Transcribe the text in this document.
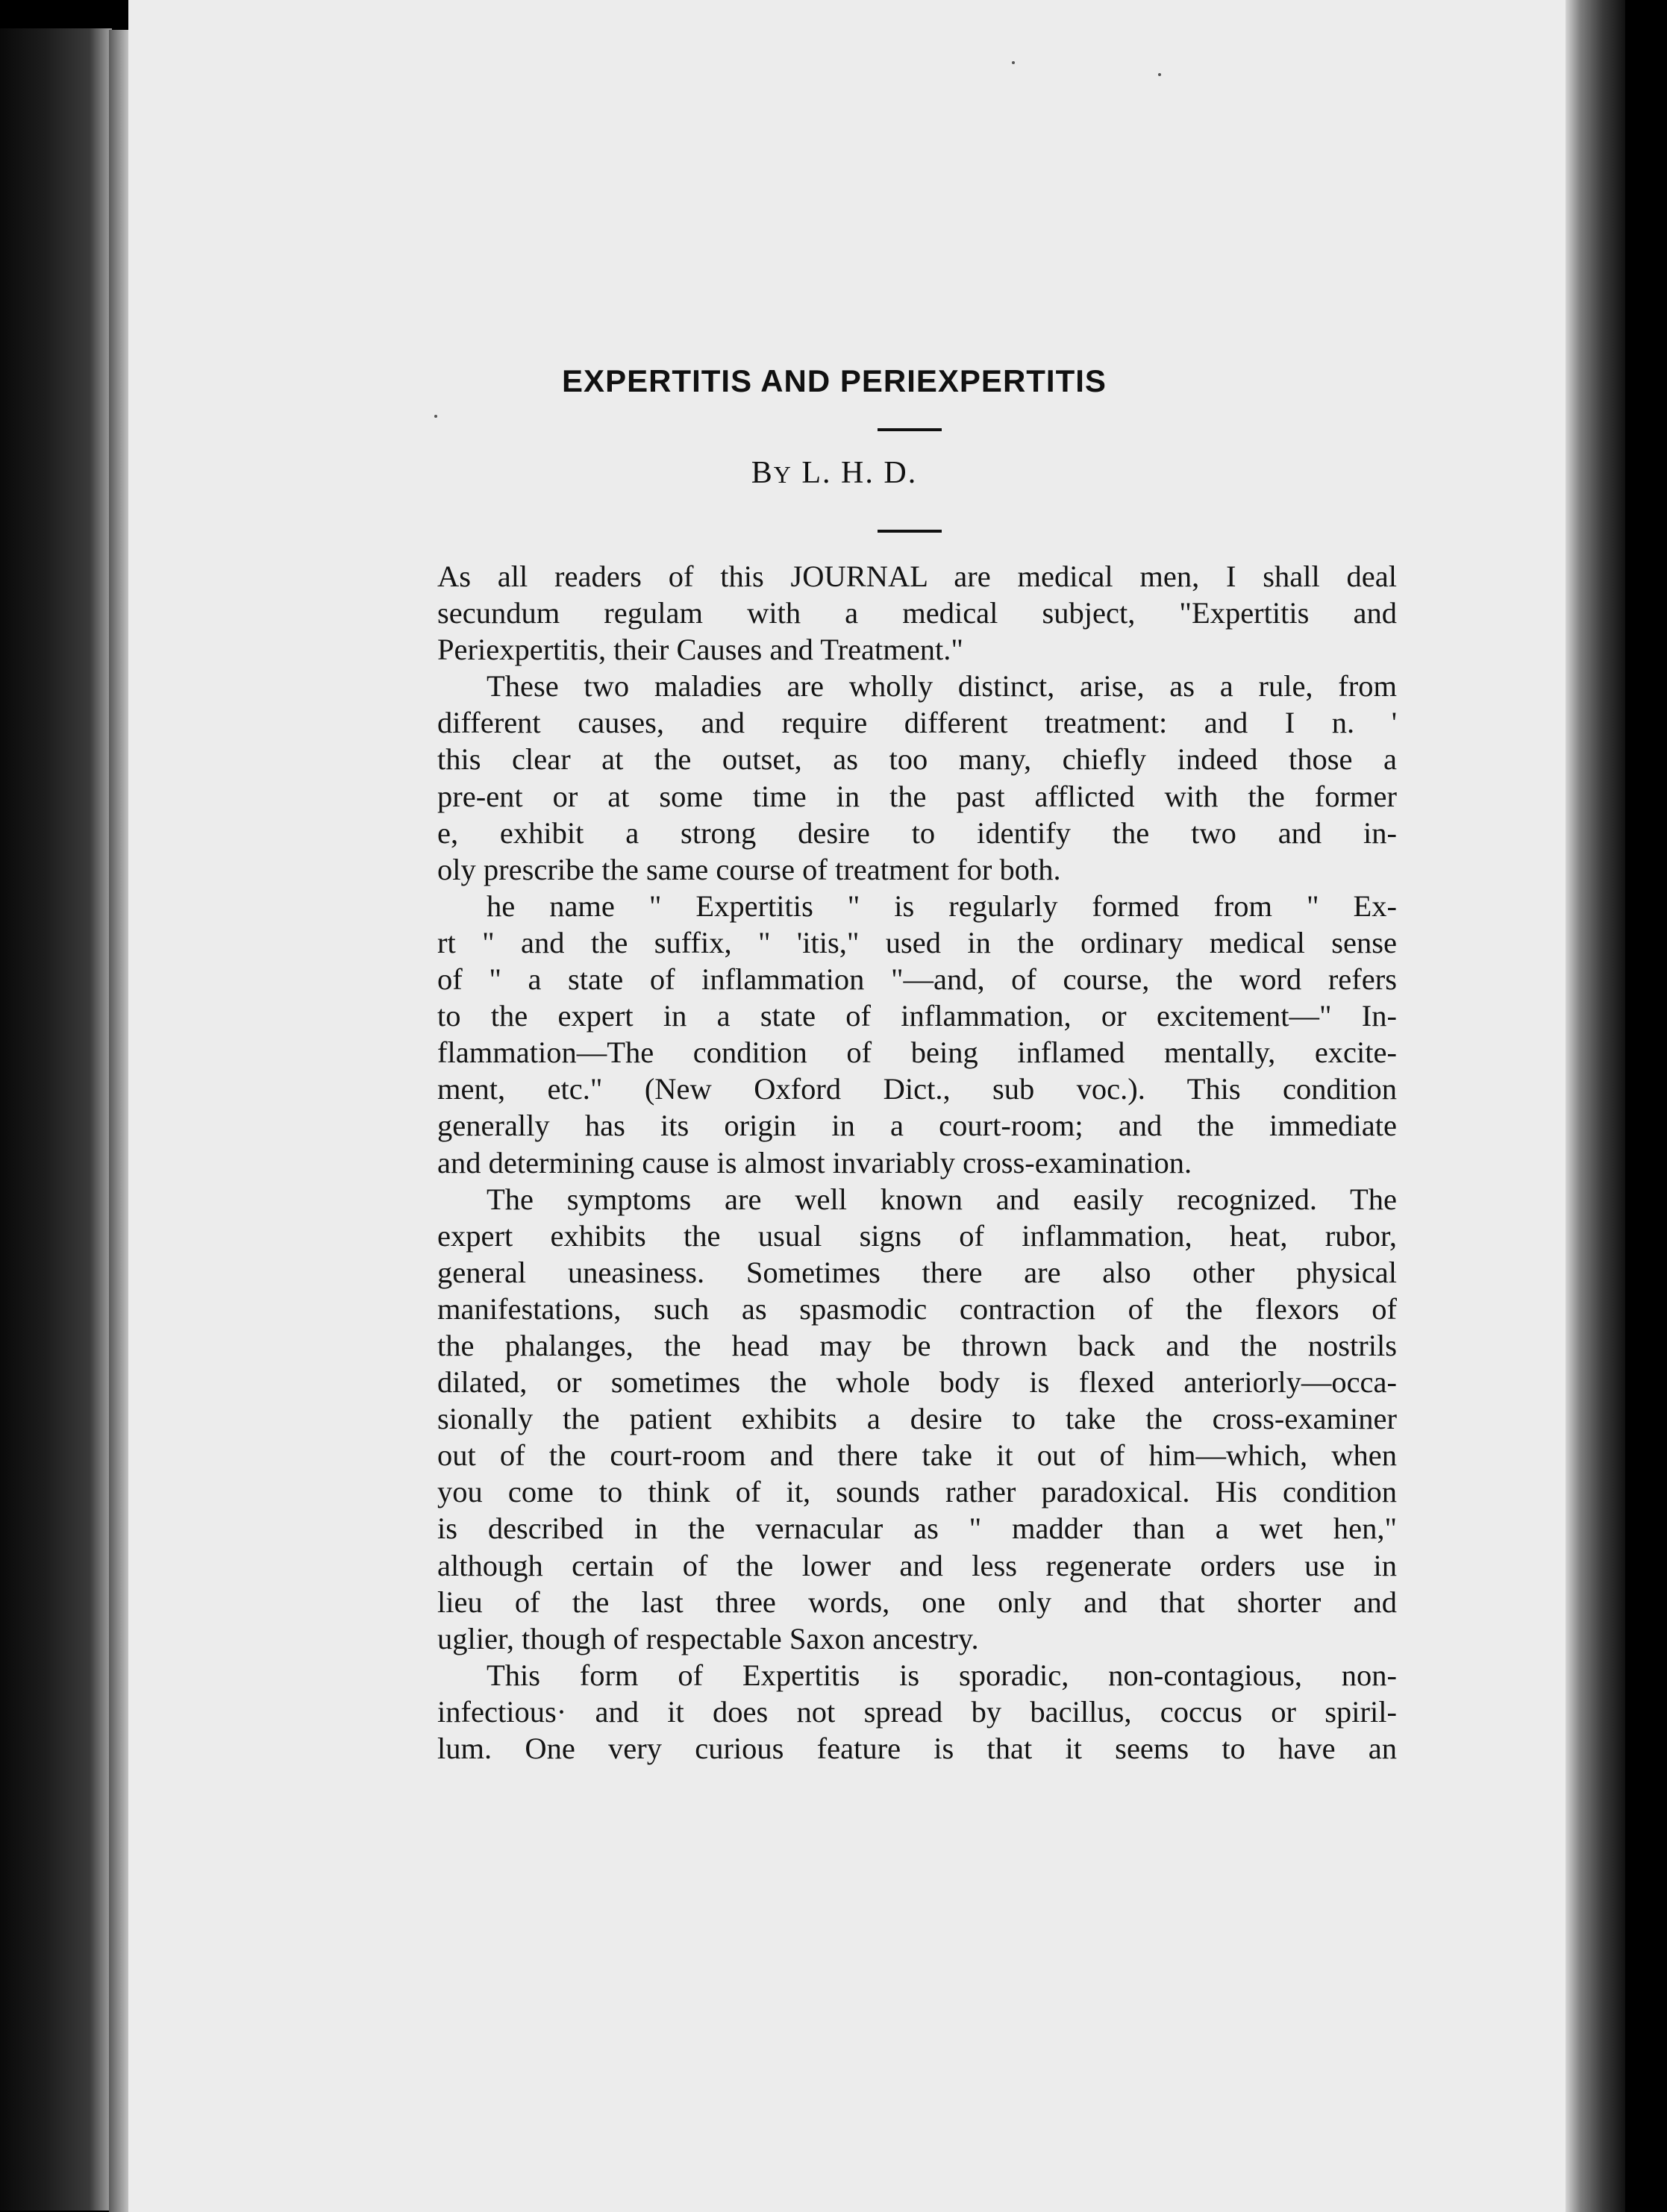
EXPERTITIS AND PERIEXPERTITIS
BY L. H. D.
As all readers of this JOURNAL are medical men, I shall deal
secundum regulam with a medical subject, "Expertitis and
Periexpertitis, their Causes and Treatment."
These two maladies are wholly distinct, arise, as a rule, from
different causes, and require different treatment: and I n. '
this clear at the outset, as too many, chiefly indeed those a
pre-ent or at some time in the past afflicted with the former
e, exhibit a strong desire to identify the two and in-
oly prescribe the same course of treatment for both.
he name " Expertitis " is regularly formed from " Ex-
rt " and the suffix, " 'itis," used in the ordinary medical sense
of " a state of inflammation "—and, of course, the word refers
to the expert in a state of inflammation, or excitement—" In-
flammation—The condition of being inflamed mentally, excite-
ment, etc." (New Oxford Dict., sub voc.). This condition
generally has its origin in a court-room; and the immediate
and determining cause is almost invariably cross-examination.
The symptoms are well known and easily recognized. The
expert exhibits the usual signs of inflammation, heat, rubor,
general uneasiness. Sometimes there are also other physical
manifestations, such as spasmodic contraction of the flexors of
the phalanges, the head may be thrown back and the nostrils
dilated, or sometimes the whole body is flexed anteriorly—occa-
sionally the patient exhibits a desire to take the cross-examiner
out of the court-room and there take it out of him—which, when
you come to think of it, sounds rather paradoxical. His condition
is described in the vernacular as " madder than a wet hen,"
although certain of the lower and less regenerate orders use in
lieu of the last three words, one only and that shorter and
uglier, though of respectable Saxon ancestry.
This form of Expertitis is sporadic, non-contagious, non-
infectious· and it does not spread by bacillus, coccus or spiril-
lum. One very curious feature is that it seems to have an
